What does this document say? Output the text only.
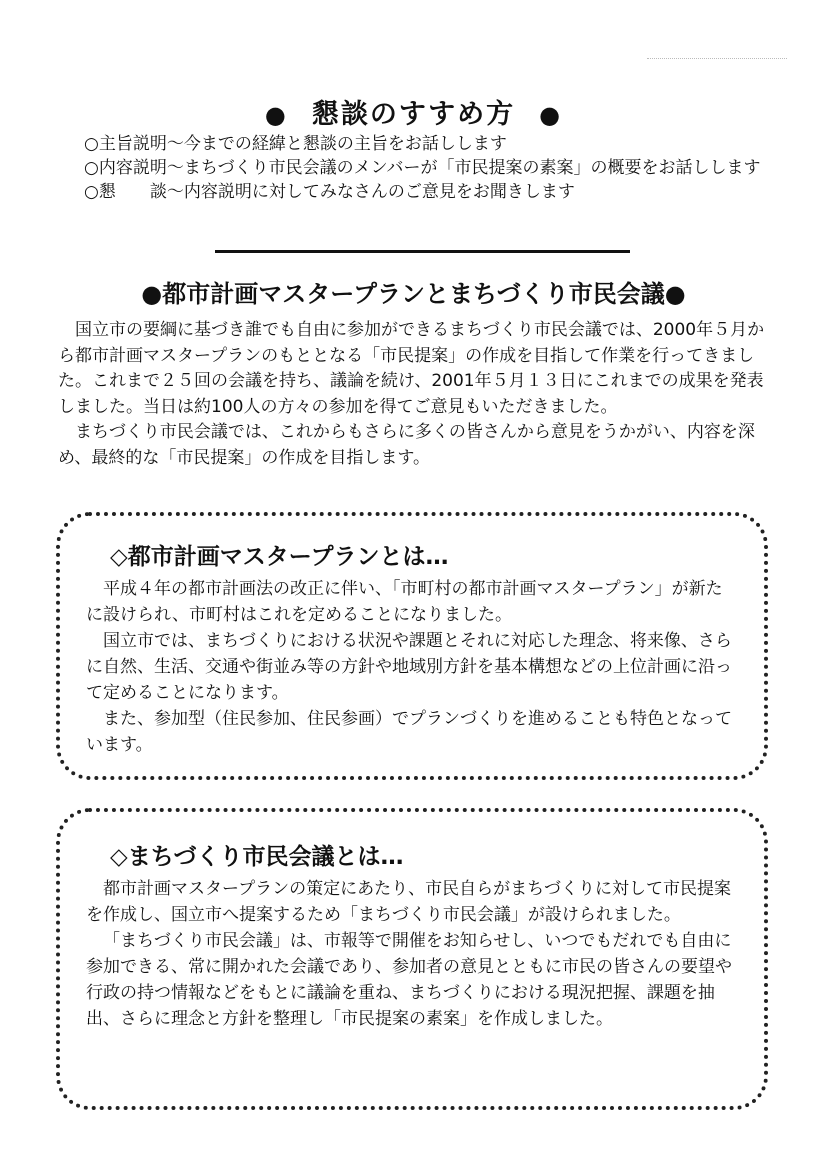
● 懇談のすすめ方 ●
○主旨説明 ～今までの経緯と懇談の主旨をお話しします
○内容説明 ～まちづくり市民会議のメンバーが「市民提案の素案」の概要をお話しします
○懇　　談 ～内容説明に対してみなさんのご意見をお聞きします
●都市計画マスタープランとまちづくり市民会議●

国立市の要綱に基づき誰でも自由に参加ができるまちづくり市民会議では、2000年５月から都市計画マスタープランのもととなる「市民提案」の作成を目指して作業を行ってきました。これまで２５回の会議を持ち、議論を続け、2001年５月１３日にこれまでの成果を発表しました。当日は約100人の方々の参加を得てご意見もいただきました。

まちづくり市民会議では、これからもさらに多くの皆さんから意見をうかがい、内容を深め、最終的な「市民提案」の作成を目指します。

◇都市計画マスタープランとは…

平成４年の都市計画法の改正に伴い、「市町村の都市計画マスタープラン」が新たに設けられ、市町村はこれを定めることになりました。

国立市では、まちづくりにおける状況や課題とそれに対応した理念、将来像、さらに自然、生活、交通や街並み等の方針や地域別方針を基本構想などの上位計画に沿って定めることになります。

また、参加型（住民参加、住民参画）でプランづくりを進めることも特色となっています。

◇まちづくり市民会議とは…

都市計画マスタープランの策定にあたり、市民自らがまちづくりに対して市民提案を作成し、国立市へ提案するため「まちづくり市民会議」が設けられました。

「まちづくり市民会議」は、市報等で開催をお知らせし、いつでもだれでも自由に参加できる、常に開かれた会議であり、参加者の意見とともに市民の皆さんの要望や行政の持つ情報などをもとに議論を重ね、まちづくりにおける現況把握、課題を抽出、さらに理念と方針を整理し「市民提案の素案」を作成しました。
